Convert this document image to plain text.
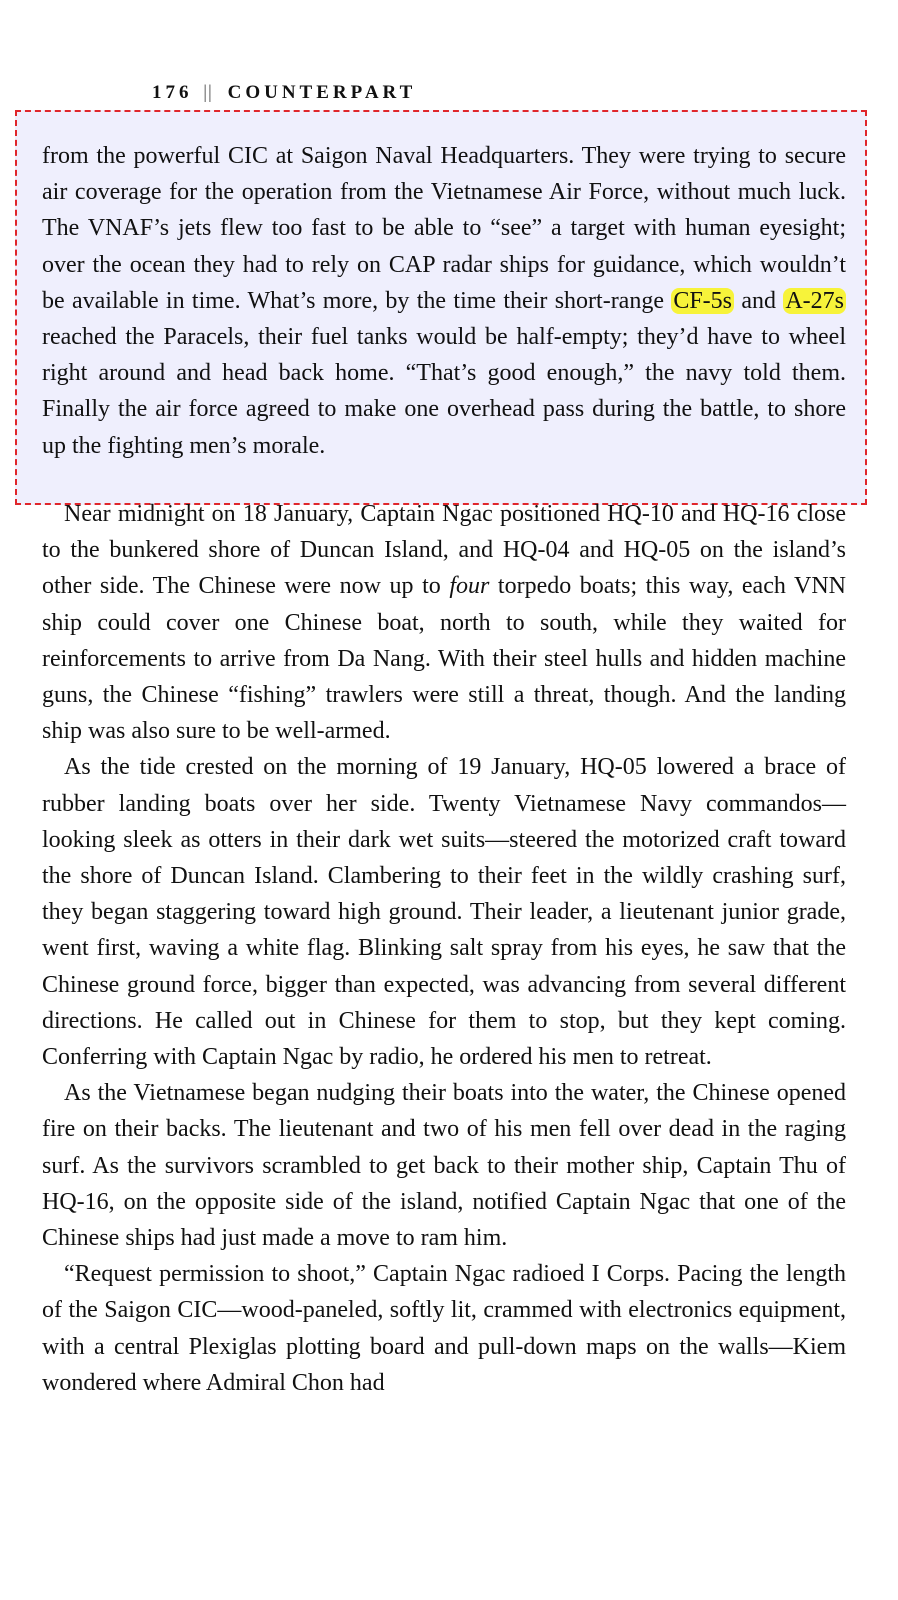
176 || COUNTERPART

from the powerful CIC at Saigon Naval Headquarters. They were trying to secure air coverage for the operation from the Vietnamese Air Force, without much luck. The VNAF’s jets flew too fast to be able to “see” a target with human eyesight; over the ocean they had to rely on CAP radar ships for guidance, which wouldn’t be available in time. What’s more, by the time their short-range CF-5s and A-27s reached the Paracels, their fuel tanks would be half-empty; they’d have to wheel right around and head back home. “That’s good enough,” the navy told them. Finally the air force agreed to make one overhead pass during the battle, to shore up the fighting men’s morale.

Near midnight on 18 January, Captain Ngac positioned HQ-10 and HQ-16 close to the bunkered shore of Duncan Island, and HQ-04 and HQ-05 on the island’s other side. The Chinese were now up to four torpedo boats; this way, each VNN ship could cover one Chinese boat, north to south, while they waited for reinforcements to arrive from Da Nang. With their steel hulls and hidden machine guns, the Chinese “fishing” trawlers were still a threat, though. And the landing ship was also sure to be well-armed.

As the tide crested on the morning of 19 January, HQ-05 lowered a brace of rubber landing boats over her side. Twenty Vietnamese Navy commandos—looking sleek as otters in their dark wet suits—steered the motorized craft toward the shore of Duncan Island. Clambering to their feet in the wildly crashing surf, they began staggering toward high ground. Their leader, a lieutenant junior grade, went first, waving a white flag. Blinking salt spray from his eyes, he saw that the Chinese ground force, bigger than expected, was advancing from several different directions. He called out in Chinese for them to stop, but they kept coming. Conferring with Captain Ngac by radio, he ordered his men to retreat.

As the Vietnamese began nudging their boats into the water, the Chinese opened fire on their backs. The lieutenant and two of his men fell over dead in the raging surf. As the survivors scrambled to get back to their mother ship, Captain Thu of HQ-16, on the opposite side of the island, notified Captain Ngac that one of the Chinese ships had just made a move to ram him.

“Request permission to shoot,” Captain Ngac radioed I Corps. Pacing the length of the Saigon CIC—wood-paneled, softly lit, crammed with electronics equipment, with a central Plexiglas plotting board and pull-down maps on the walls—Kiem wondered where Admiral Chon had
